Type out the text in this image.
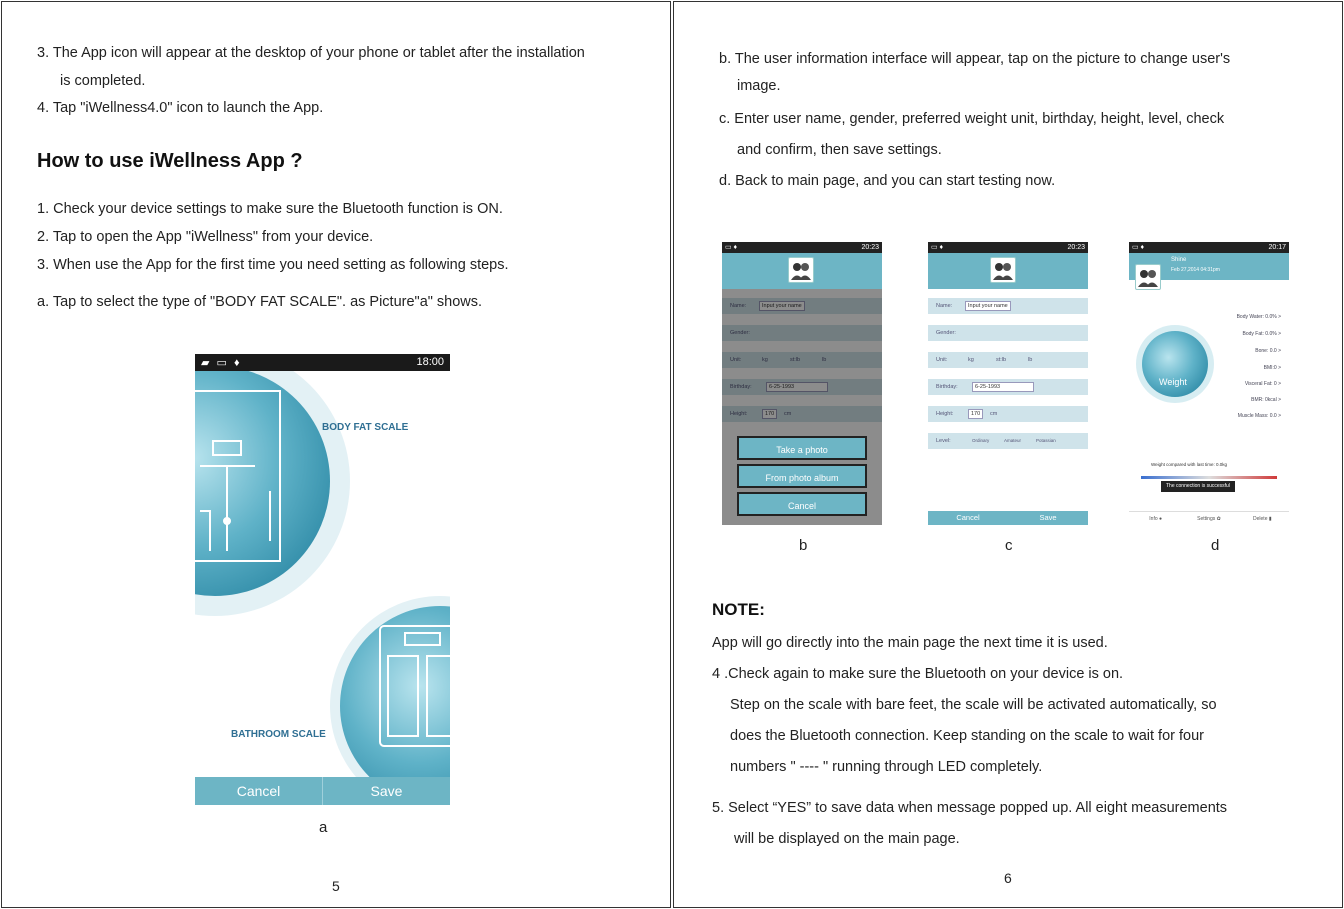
3. The App icon will appear at the desktop of your phone or tablet after the installation
is completed.
4. Tap "iWellness4.0" icon to launch the App.
How to use iWellness App ?
1. Check your device settings to make sure the Bluetooth function is ON.
2. Tap to open the App "iWellness" from your device.
3. When use the App for the first time you need setting as following steps.
a. Tap to select the type of "BODY FAT SCALE". as Picture"a" shows.
▰ ▭ ♦	18:00
BODY FAT SCALE
BATHROOM SCALE
Cancel	Save
a
5
b. The user information interface will appear, tap on the picture to change user's
image.
c. Enter user name, gender, preferred weight unit, birthday, height, level, check
and confirm, then save settings.
d. Back to main page, and you can start testing now.
▭ ♦	20:23
Name:	Input your name
Gender:
Unit:	kg	st:lb	lb
Birthday:	6-25-1993
Height:	170	cm
Take a photo
From photo album
Cancel
▭ ♦	20:23
Name:	Input your name
Gender:
Unit:	kg	st:lb	lb
Birthday:	6-25-1993
Height:	170	cm
Level:	Ordinary	Amateur	Potassian
Cancel	Save
▭ ♦	20:17
Shine
Feb 27,2014 04:31pm
Weight
Body Water: 0.0% >
Body Fat: 0.0% >
Bone: 0.0 >
BMI:0 >
Visceral Fat: 0 >
BMR: 0kcal >
Muscle Mass: 0.0 >
Weight compared with last time: 0.0kg
The connection is successful
Info ●	Settings ✿	Delete ▮
b	c	d
NOTE:
App will go directly into the main page the next time it is used.
4 .Check again to make sure the Bluetooth on your device is on.
Step on the scale with bare feet, the scale will be activated automatically, so
does the Bluetooth connection. Keep standing on the scale to wait for four
numbers " ---- " running through LED completely.
5. Select “YES” to save data when message popped up. All eight measurements
will be displayed on the main page.
6
